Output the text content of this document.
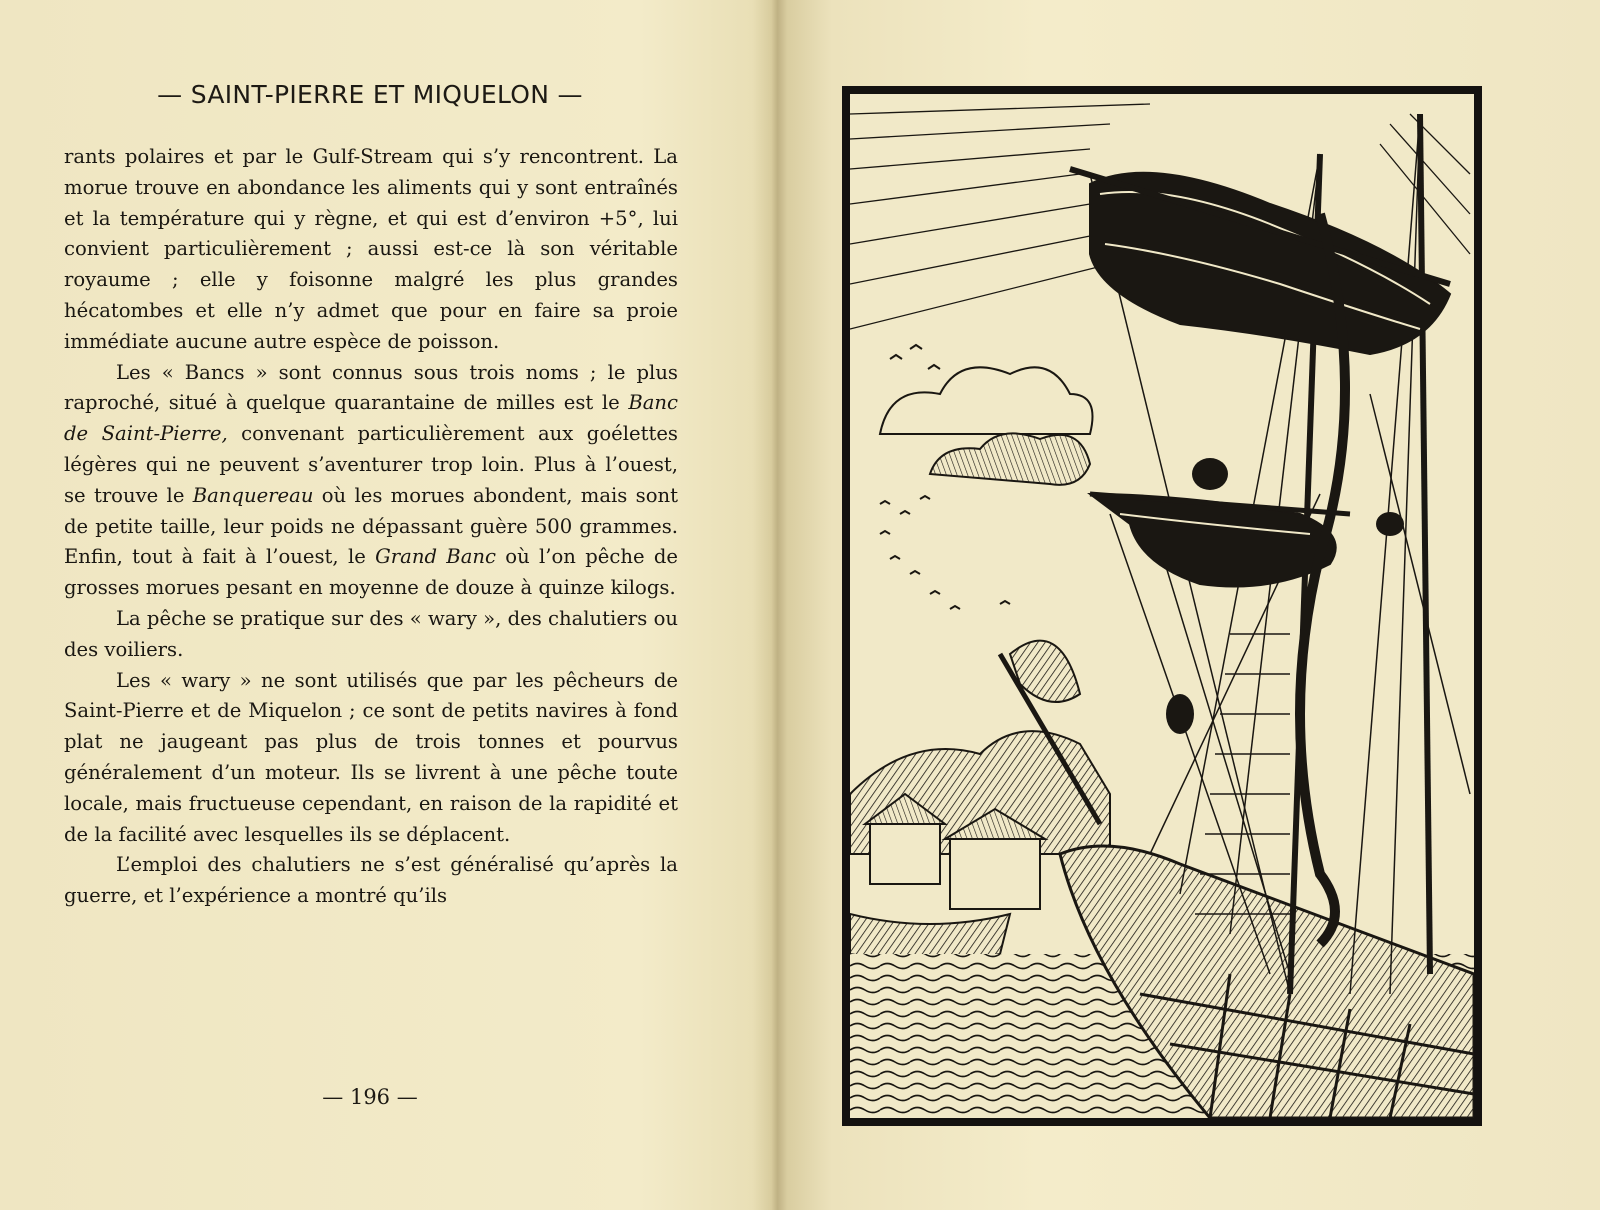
— SAINT-PIERRE ET MIQUELON —

rants polaires et par le Gulf-Stream qui s’y rencontrent. La morue trouve en abondance les aliments qui y sont entraînés et la température qui y règne, et qui est d’environ +5°, lui convient particulièrement ; aussi est-ce là son véritable royaume ; elle y foisonne malgré les plus grandes hécatombes et elle n’y admet que pour en faire sa proie immédiate aucune autre espèce de poisson.

Les « Bancs » sont connus sous trois noms ; le plus raproché, situé à quelque quarantaine de milles est le Banc de Saint-Pierre, convenant particulièrement aux goélettes légères qui ne peuvent s’aventurer trop loin. Plus à l’ouest, se trouve le Banquereau où les morues abondent, mais sont de petite taille, leur poids ne dépassant guère 500 grammes. Enfin, tout à fait à l’ouest, le Grand Banc où l’on pêche de grosses morues pesant en moyenne de douze à quinze kilogs.

La pêche se pratique sur des « wary », des chalutiers ou des voiliers.

Les « wary » ne sont utilisés que par les pêcheurs de Saint-Pierre et de Miquelon ; ce sont de petits navires à fond plat ne jaugeant pas plus de trois tonnes et pourvus généralement d’un moteur. Ils se livrent à une pêche toute locale, mais fructueuse cependant, en raison de la rapidité et de la facilité avec lesquelles ils se déplacent.

L’emploi des chalutiers ne s’est généralisé qu’après la guerre, et l’expérience a montré qu’ils

— 196 —
